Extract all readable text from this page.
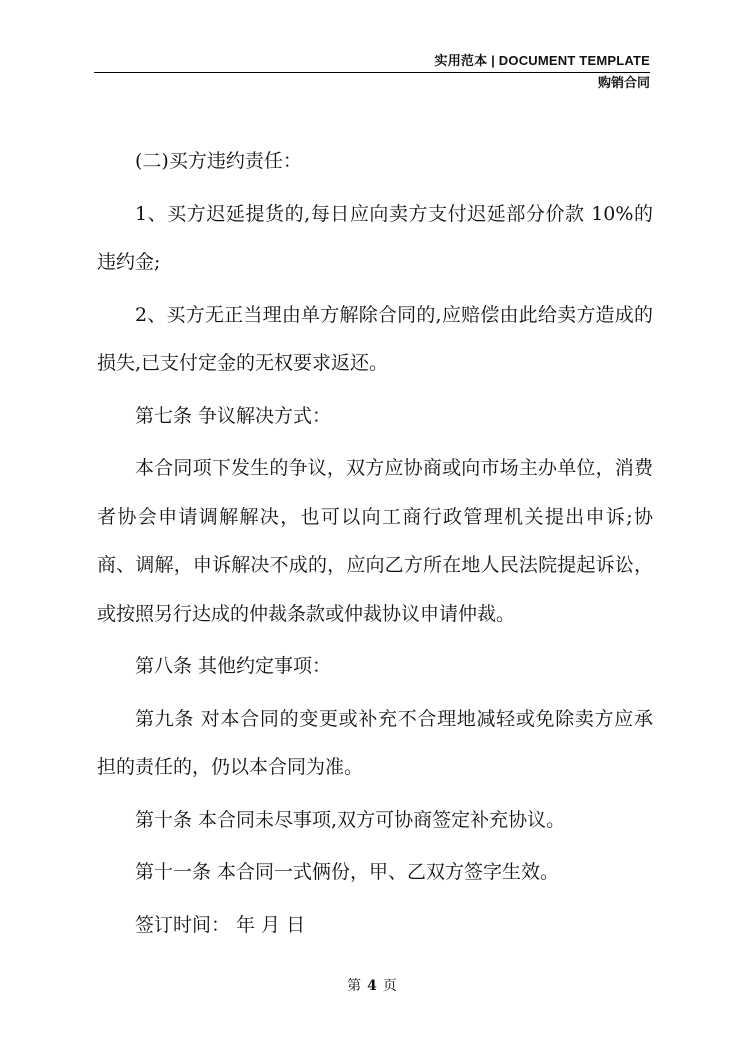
实用范本 | DOCUMENT TEMPLATE
购销合同

(二)买方违约责任：

1、买方迟延提货的,每日应向卖方支付迟延部分价款 10%的违约金;

2、买方无正当理由单方解除合同的,应赔偿由此给卖方造成的损失,已支付定金的无权要求返还。

第七条 争议解决方式：

本合同项下发生的争议，双方应协商或向市场主办单位，消费者协会申请调解解决，也可以向工商行政管理机关提出申诉;协商、调解，申诉解决不成的，应向乙方所在地人民法院提起诉讼，或按照另行达成的仲裁条款或仲裁协议申请仲裁。

第八条 其他约定事项：

第九条 对本合同的变更或补充不合理地减轻或免除卖方应承担的责任的，仍以本合同为准。

第十条 本合同未尽事项,双方可协商签定补充协议。

第十一条 本合同一式俩份，甲、乙双方签字生效。

签订时间： 年 月 日

第 4 页
